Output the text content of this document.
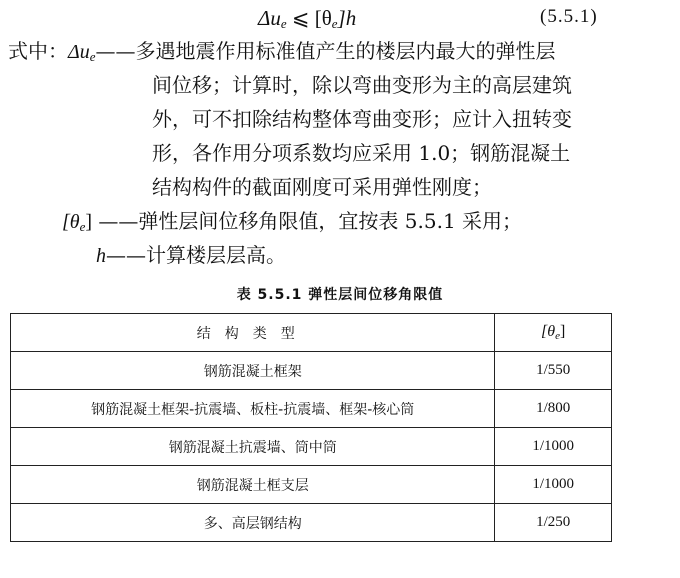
Δue ⩽ [θe]h	(5.5.1)
式中：$\Delta u_e——$多遇地震作用标准值产生的楼层内最大的弹性层
间位移；计算时，除以弯曲变形为主的高层建筑
外，可不扣除结构整体弯曲变形；应计入扭转变
形，各作用分项系数均应采用 1.0；钢筋混凝土
结构构件的截面刚度可采用弹性刚度；
$[\theta_e]$ ——弹性层间位移角限值，宜按表 5.5.1 采用；
h——计算楼层层高。
表 5.5.1 弹性层间位移角限值
结构类型	$[\theta_e]$
钢筋混凝土框架	1/550
钢筋混凝土框架-抗震墙、板柱-抗震墙、框架-核心筒	1/800
钢筋混凝土抗震墙、筒中筒	1/1000
钢筋混凝土框支层	1/1000
多、高层钢结构	1/250
